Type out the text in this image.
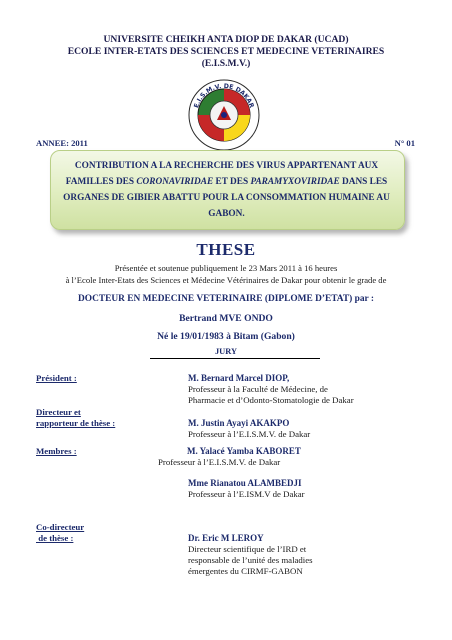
UNIVERSITE CHEIKH ANTA DIOP DE DAKAR (UCAD)
ECOLE INTER-ETATS DES SCIENCES ET MEDECINE VETERINAIRES
(E.I.S.M.V.)
E.I.S.M.V. DE DAKAR
ANNEE: 2011	N° 01
CONTRIBUTION A LA RECHERCHE DES VIRUS APPARTENANT AUX FAMILLES DES CORONAVIRIDAE ET DES PARAMYXOVIRIDAE DANS LES ORGANES DE GIBIER ABATTU POUR LA CONSOMMATION HUMAINE AU GABON.
THESE
Présentée et soutenue publiquement le 23 Mars 2011 à 16 heures
à l’Ecole Inter-Etats des Sciences et Médecine Vétérinaires de Dakar pour obtenir le grade de
DOCTEUR EN MEDECINE VETERINAIRE (DIPLOME D’ETAT) par :
Bertrand MVE ONDO
Né le 19/01/1983 à Bitam (Gabon)
JURY
Président :	M. Bernard Marcel DIOP,
Professeur à la Faculté de Médecine, de
Pharmacie et d’Odonto-Stomatologie de Dakar
Directeur et
rapporteur de thèse :	M. Justin Ayayi AKAKPO
Professeur à l’E.I.S.M.V. de Dakar
Membres :	M. Yalacé Yamba KABORET
Professeur à l’E.I.S.M.V. de Dakar
Mme Rianatou ALAMBEDJI
Professeur à l’E.ISM.V de Dakar
Co-directeur
de thèse :	Dr. Eric M LEROY
Directeur scientifique de l’IRD et
responsable de l’unité des maladies
émergentes du CIRMF-GABON
